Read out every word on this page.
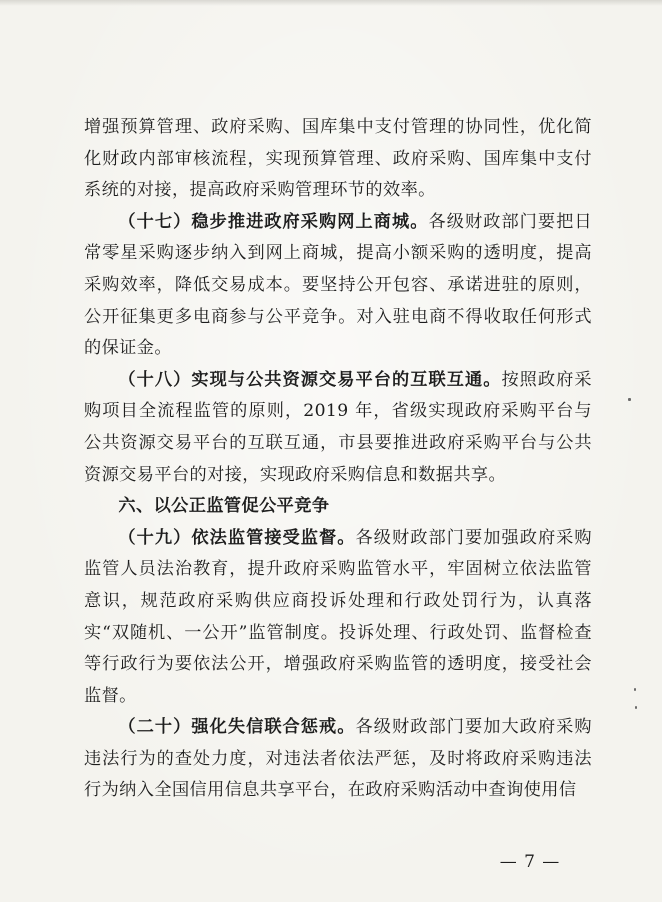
增强预算管理、政府采购、国库集中支付管理的协同性，优化简化财政内部审核流程，实现预算管理、政府采购、国库集中支付系统的对接，提高政府采购管理环节的效率。

（十七）稳步推进政府采购网上商城。各级财政部门要把日常零星采购逐步纳入到网上商城，提高小额采购的透明度，提高采购效率，降低交易成本。要坚持公开包容、承诺进驻的原则，公开征集更多电商参与公平竞争。对入驻电商不得收取任何形式的保证金。

（十八）实现与公共资源交易平台的互联互通。按照政府采购项目全流程监管的原则，2019 年，省级实现政府采购平台与公共资源交易平台的互联互通，市县要推进政府采购平台与公共资源交易平台的对接，实现政府采购信息和数据共享。

六、以公正监管促公平竞争

（十九）依法监管接受监督。各级财政部门要加强政府采购监管人员法治教育，提升政府采购监管水平，牢固树立依法监管意识，规范政府采购供应商投诉处理和行政处罚行为，认真落实“双随机、一公开”监管制度。投诉处理、行政处罚、监督检查等行政行为要依法公开，增强政府采购监管的透明度，接受社会监督。

（二十）强化失信联合惩戒。各级财政部门要加大政府采购违法行为的查处力度，对违法者依法严惩，及时将政府采购违法行为纳入全国信用信息共享平台，在政府采购活动中查询使用信

— 7 —
